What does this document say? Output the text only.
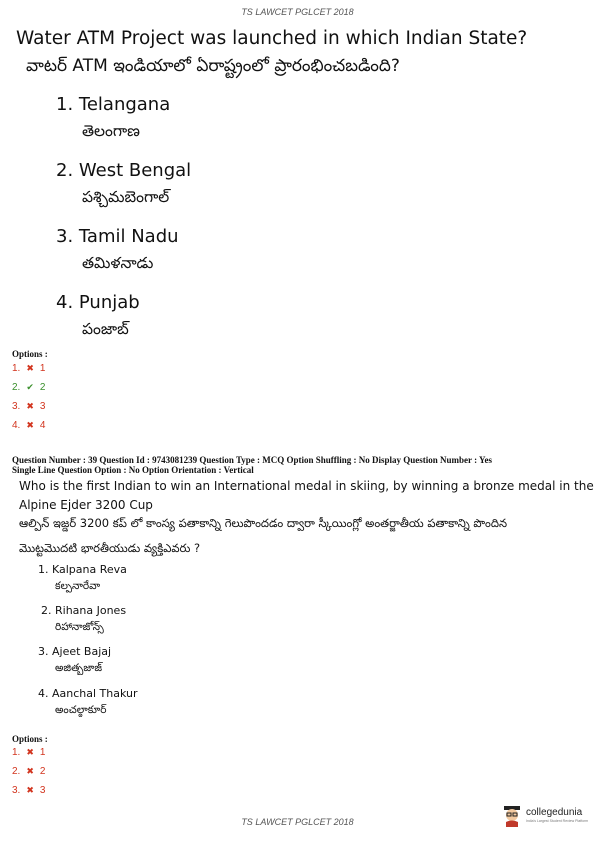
TS LAWCET PGLCET 2018
Water ATM Project was launched in which Indian State?
వాటర్ ATM ఇండియాలో ఏరాష్ట్రంలో ప్రారంభించబడింది?
1. Telangana
తెలంగాణ
2. West Bengal
పశ్చిమబెంగాల్
3. Tamil Nadu
తమిళనాడు
4. Punjab
పంజాబ్
Options :
1. ✖ 1
2. ✔ 2
3. ✖ 3
4. ✖ 4
Question Number : 39 Question Id : 9743081239 Question Type : MCQ Option Shuffling : No Display Question Number : Yes
Single Line Question Option : No Option Orientation : Vertical
Who is the first Indian to win an International medal in skiing, by winning a bronze medal in the
Alpine Ejder 3200 Cup
ఆల్పిన్ ఇజ్డర్ 3200 కప్ లో కాంస్య పతాకాన్ని గెలుపొందడం ద్వారా స్కీయింగ్లో అంతర్జాతీయ పతాకాన్ని పొందిన
మొట్టమొదటి భారతీయుడు వ్యక్తిఎవరు ?
1. Kalpana Reva
కల్పనారేవా
2. Rihana Jones
రిహానాజోన్స్
3. Ajeet Bajaj
అజిత్బజాజ్
4. Aanchal Thakur
అంచల్ఠాకూర్
Options :
1. ✖ 1
2. ✖ 2
3. ✖ 3
TS LAWCET PGLCET 2018
collegedunia
India's Largest Student Review Platform
